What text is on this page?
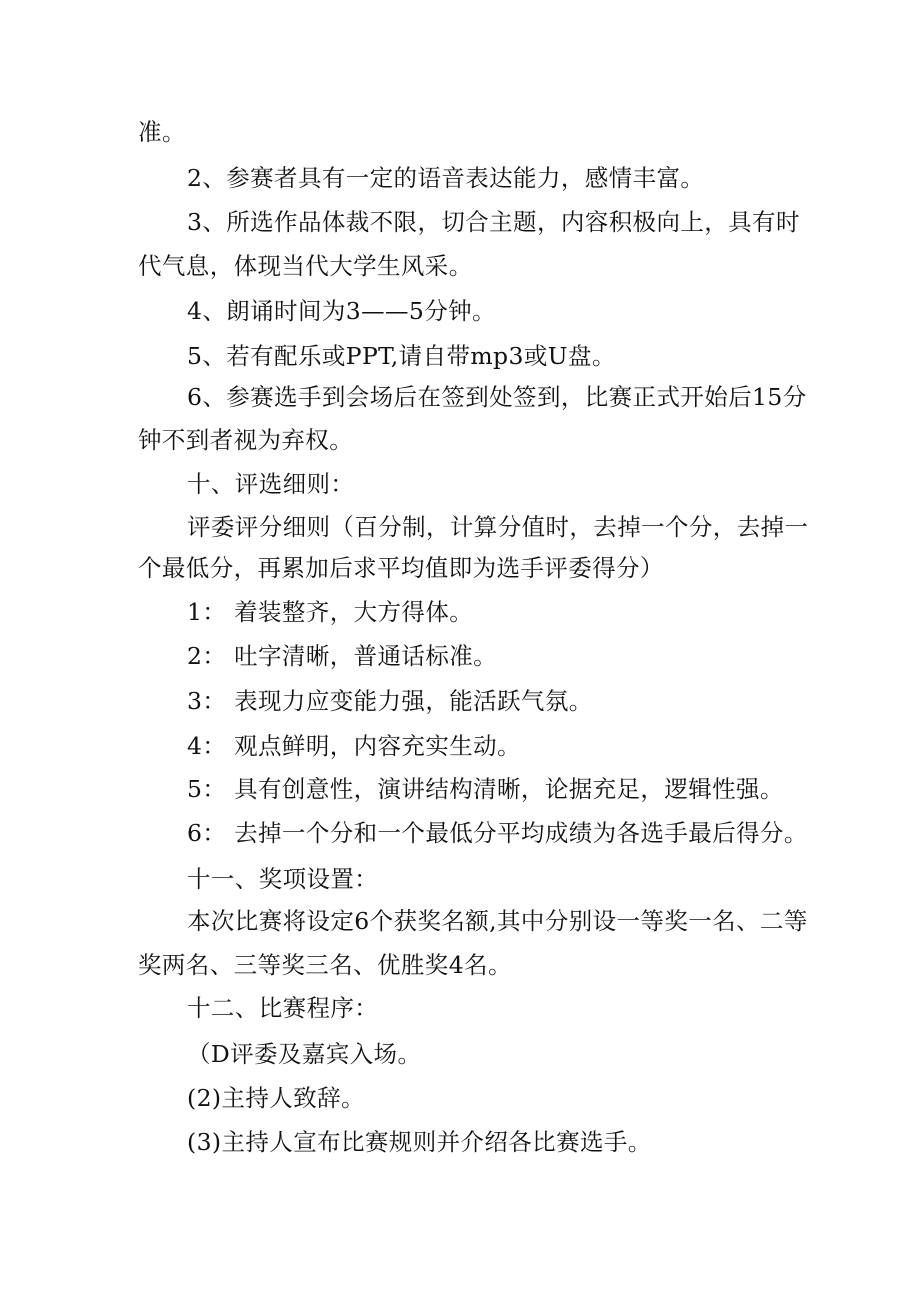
准。
2、参赛者具有一定的语音表达能力，感情丰富。
3、所选作品体裁不限，切合主题，内容积极向上，具有时
代气息，体现当代大学生风采。
4、朗诵时间为3——5分钟。
5、若有配乐或PPT,请自带mp3或U盘。
6、参赛选手到会场后在签到处签到，比赛正式开始后15分
钟不到者视为弃权。
十、评选细则：
评委评分细则（百分制，计算分值时，去掉一个分，去掉一
个最低分，再累加后求平均值即为选手评委得分）
1： 着装整齐，大方得体。
2： 吐字清晰，普通话标准。
3： 表现力应变能力强，能活跃气氛。
4： 观点鲜明，内容充实生动。
5： 具有创意性，演讲结构清晰，论据充足，逻辑性强。
6： 去掉一个分和一个最低分平均成绩为各选手最后得分。
十一、奖项设置：
本次比赛将设定6个获奖名额,其中分别设一等奖一名、二等
奖两名、三等奖三名、优胜奖4名。
十二、比赛程序：
（D评委及嘉宾入场。
(2)主持人致辞。
(3)主持人宣布比赛规则并介绍各比赛选手。
